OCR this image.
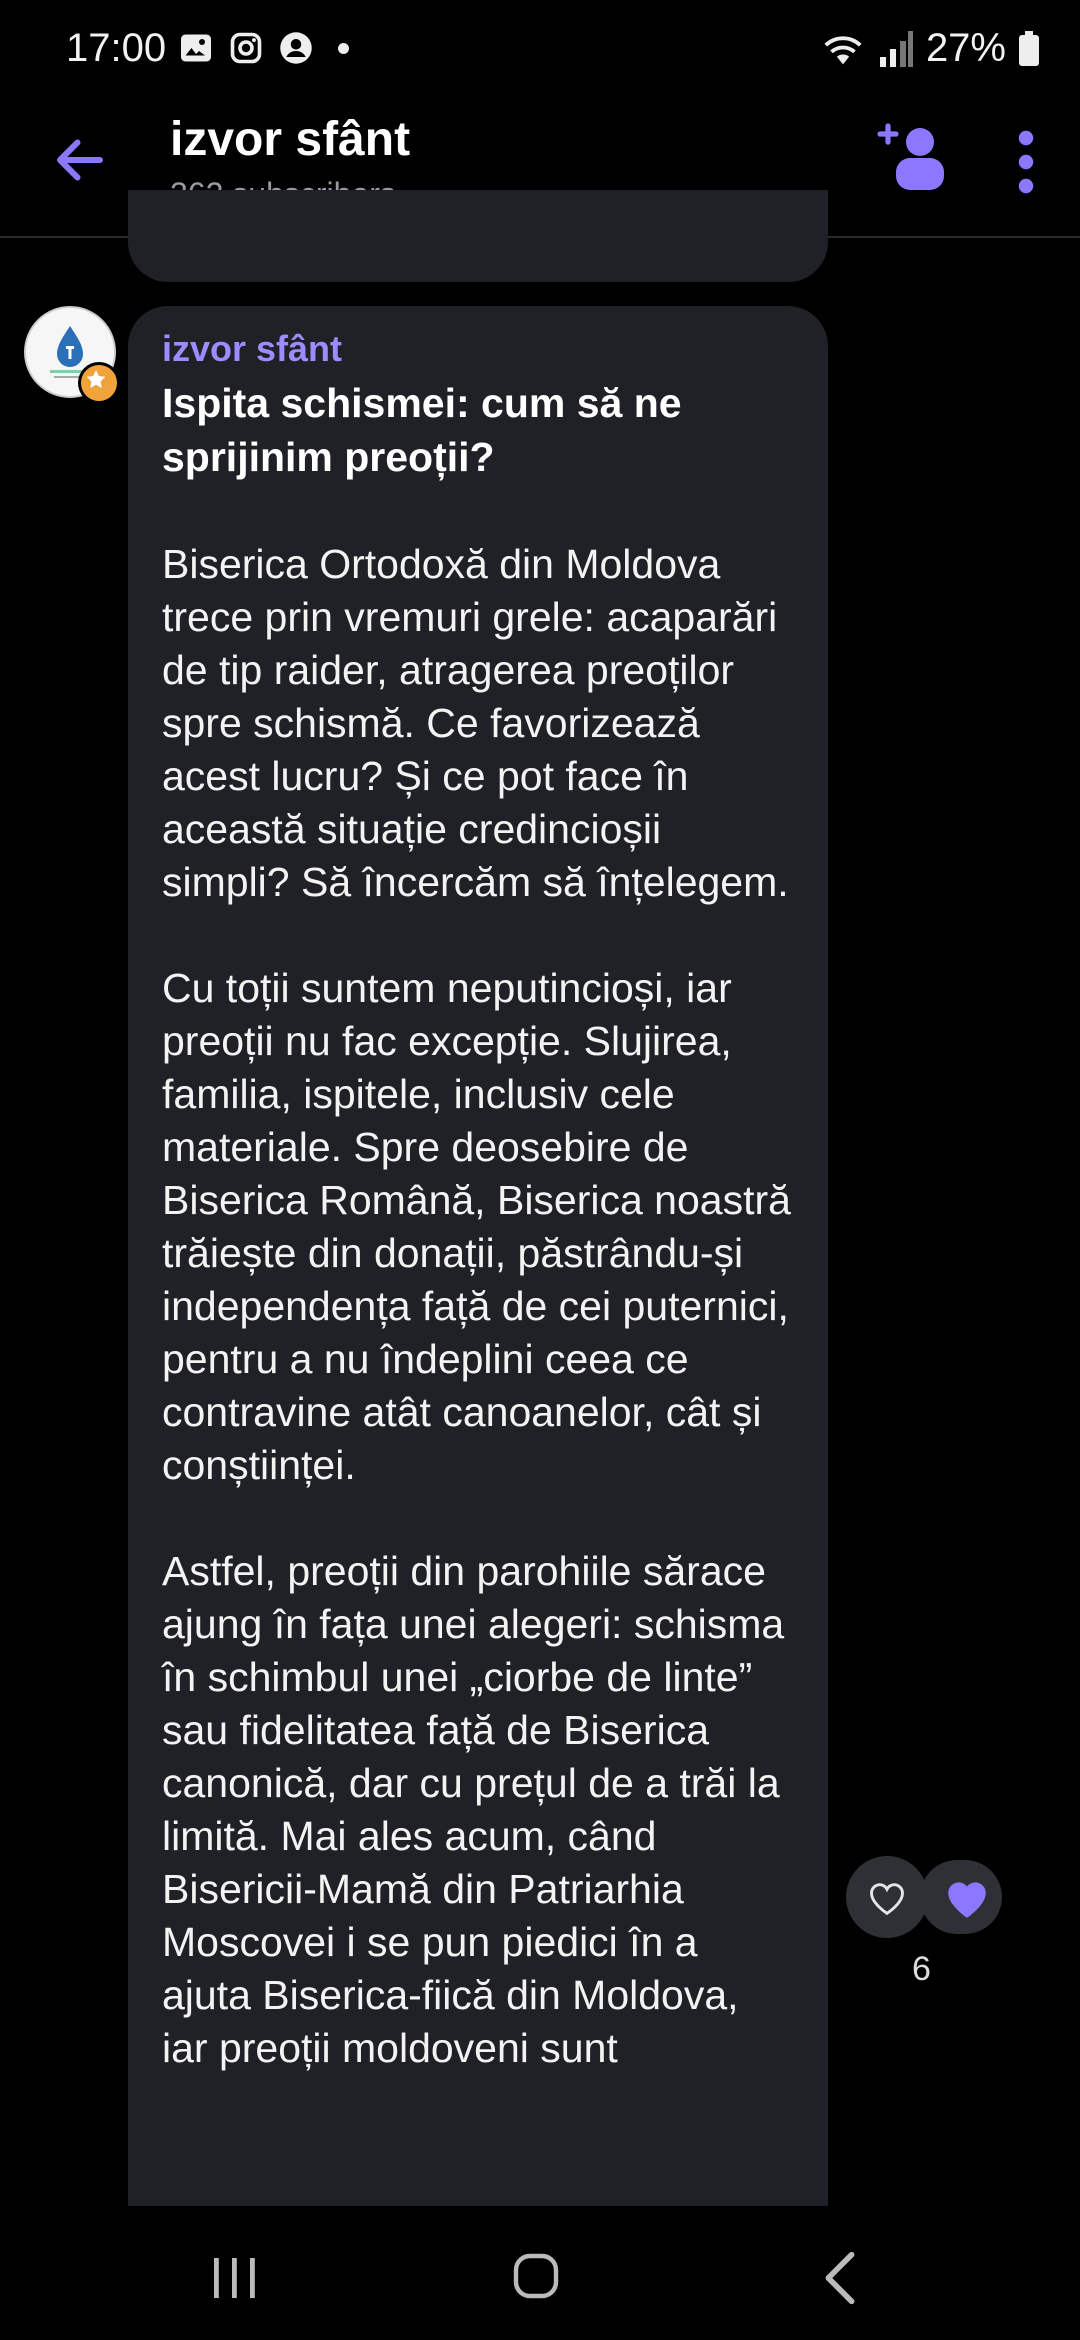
17:00	27%
izvor sfânt
izvor sfânt
Ispita schismei: cum să ne sprijinim preoții?
Biserica Ortodoxă din Moldova trece prin vremuri grele: acaparări de tip raider, atragerea preoților spre schismă. Ce favorizează acest lucru? Și ce pot face în această situație credincioșii simpli? Să încercăm să înțelegem.
Cu toții suntem neputincioși, iar preoții nu fac excepție. Slujirea, familia, ispitele, inclusiv cele materiale. Spre deosebire de Biserica Română, Biserica noastră trăiește din donații, păstrându-și independența față de cei puternici, pentru a nu îndeplini ceea ce contravine atât canoanelor, cât și conștiinței.
Astfel, preoții din parohiile sărace ajung în fața unei alegeri: schisma în schimbul unei „ciorbe de linte” sau fidelitatea față de Biserica canonică, dar cu prețul de a trăi la limită. Mai ales acum, când Bisericii-Mamă din Patriarhia Moscovei i se pun piedici în a ajuta Biserica-fiică din Moldova, iar preoții moldoveni sunt
6
